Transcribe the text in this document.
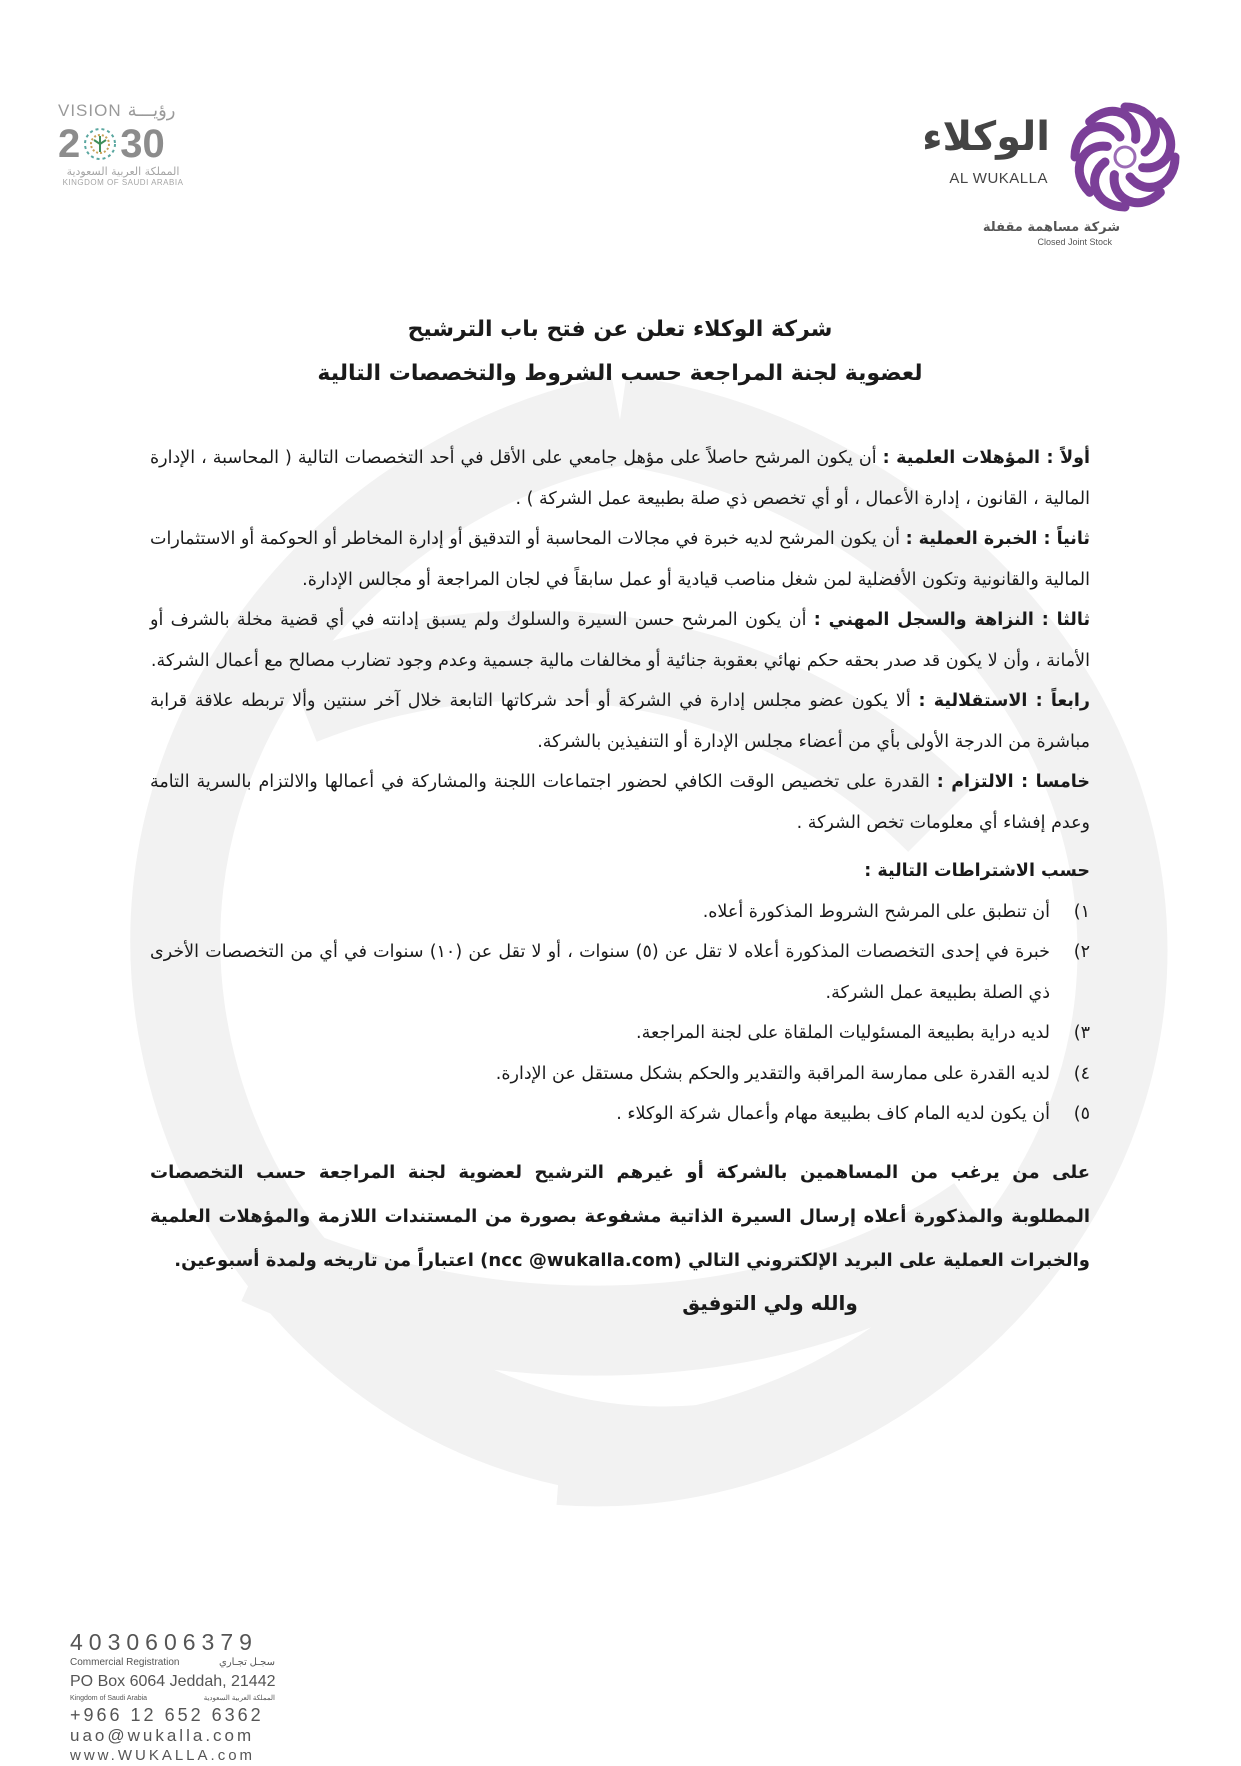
VISION رؤيـــة
2 30
المملكة العربية السعودية
KINGDOM OF SAUDI ARABIA
الوكلاء
AL WUKALLA
شركة مساهمة مقفلة
Closed Joint Stock
شركة الوكلاء تعلن عن فتح باب الترشيح
لعضوية لجنة المراجعة حسب الشروط والتخصصات التالية

أولاً : المؤهلات العلمية : أن يكون المرشح حاصلاً على مؤهل جامعي على الأقل في أحد التخصصات التالية ( المحاسبة ، الإدارة المالية ، القانون ، إدارة الأعمال ، أو أي تخصص ذي صلة بطبيعة عمل الشركة ) .

ثانياً : الخبرة العملية : أن يكون المرشح لديه خبرة في مجالات المحاسبة أو التدقيق أو إدارة المخاطر أو الحوكمة أو الاستثمارات المالية والقانونية وتكون الأفضلية لمن شغل مناصب قيادية أو عمل سابقاً في لجان المراجعة أو مجالس الإدارة.

ثالثا : النزاهة والسجل المهني : أن يكون المرشح حسن السيرة والسلوك ولم يسبق إدانته في أي قضية مخلة بالشرف أو الأمانة ، وأن لا يكون قد صدر بحقه حكم نهائي بعقوبة جنائية أو مخالفات مالية جسمية وعدم وجود تضارب مصالح مع أعمال الشركة.

رابعاً : الاستقلالية : ألا يكون عضو مجلس إدارة في الشركة أو أحد شركاتها التابعة خلال آخر سنتين وألا تربطه علاقة قرابة مباشرة من الدرجة الأولى بأي من أعضاء مجلس الإدارة أو التنفيذين بالشركة.

خامسا : الالتزام : القدرة على تخصيص الوقت الكافي لحضور اجتماعات اللجنة والمشاركة في أعمالها والالتزام بالسرية التامة وعدم إفشاء أي معلومات تخص الشركة .

حسب الاشتراطات التالية :
١)
أن تنطبق على المرشح الشروط المذكورة أعلاه.
٢)
خبرة في إحدى التخصصات المذكورة أعلاه لا تقل عن (٥) سنوات ، أو لا تقل عن (١٠) سنوات في أي من التخصصات الأخرى ذي الصلة بطبيعة عمل الشركة.
٣)
لديه دراية بطبيعة المسئوليات الملقاة على لجنة المراجعة.
٤)
لديه القدرة على ممارسة المراقبة والتقدير والحكم بشكل مستقل عن الإدارة.
٥)
أن يكون لديه المام كاف بطبيعة مهام وأعمال شركة الوكلاء .
على من يرغب من المساهمين بالشركة أو غيرهم الترشيح لعضوية لجنة المراجعة حسب التخصصات المطلوبة والمذكورة أعلاه إرسال السيرة الذاتية مشفوعة بصورة من المستندات اللازمة والمؤهلات العلمية والخبرات العملية على البريد الإلكتروني التالي (ncc @wukalla.com) اعتباراً من تاريخه ولمدة أسبوعين.
والله ولي التوفيق
4030606379
Commercial Registration	سجـل تجـاري
PO Box 6064 Jeddah, 21442
Kingdom of Saudi Arabia	المملكة العربية السعودية
+966 12 652 6362
uao@wukalla.com
www.WUKALLA.com
